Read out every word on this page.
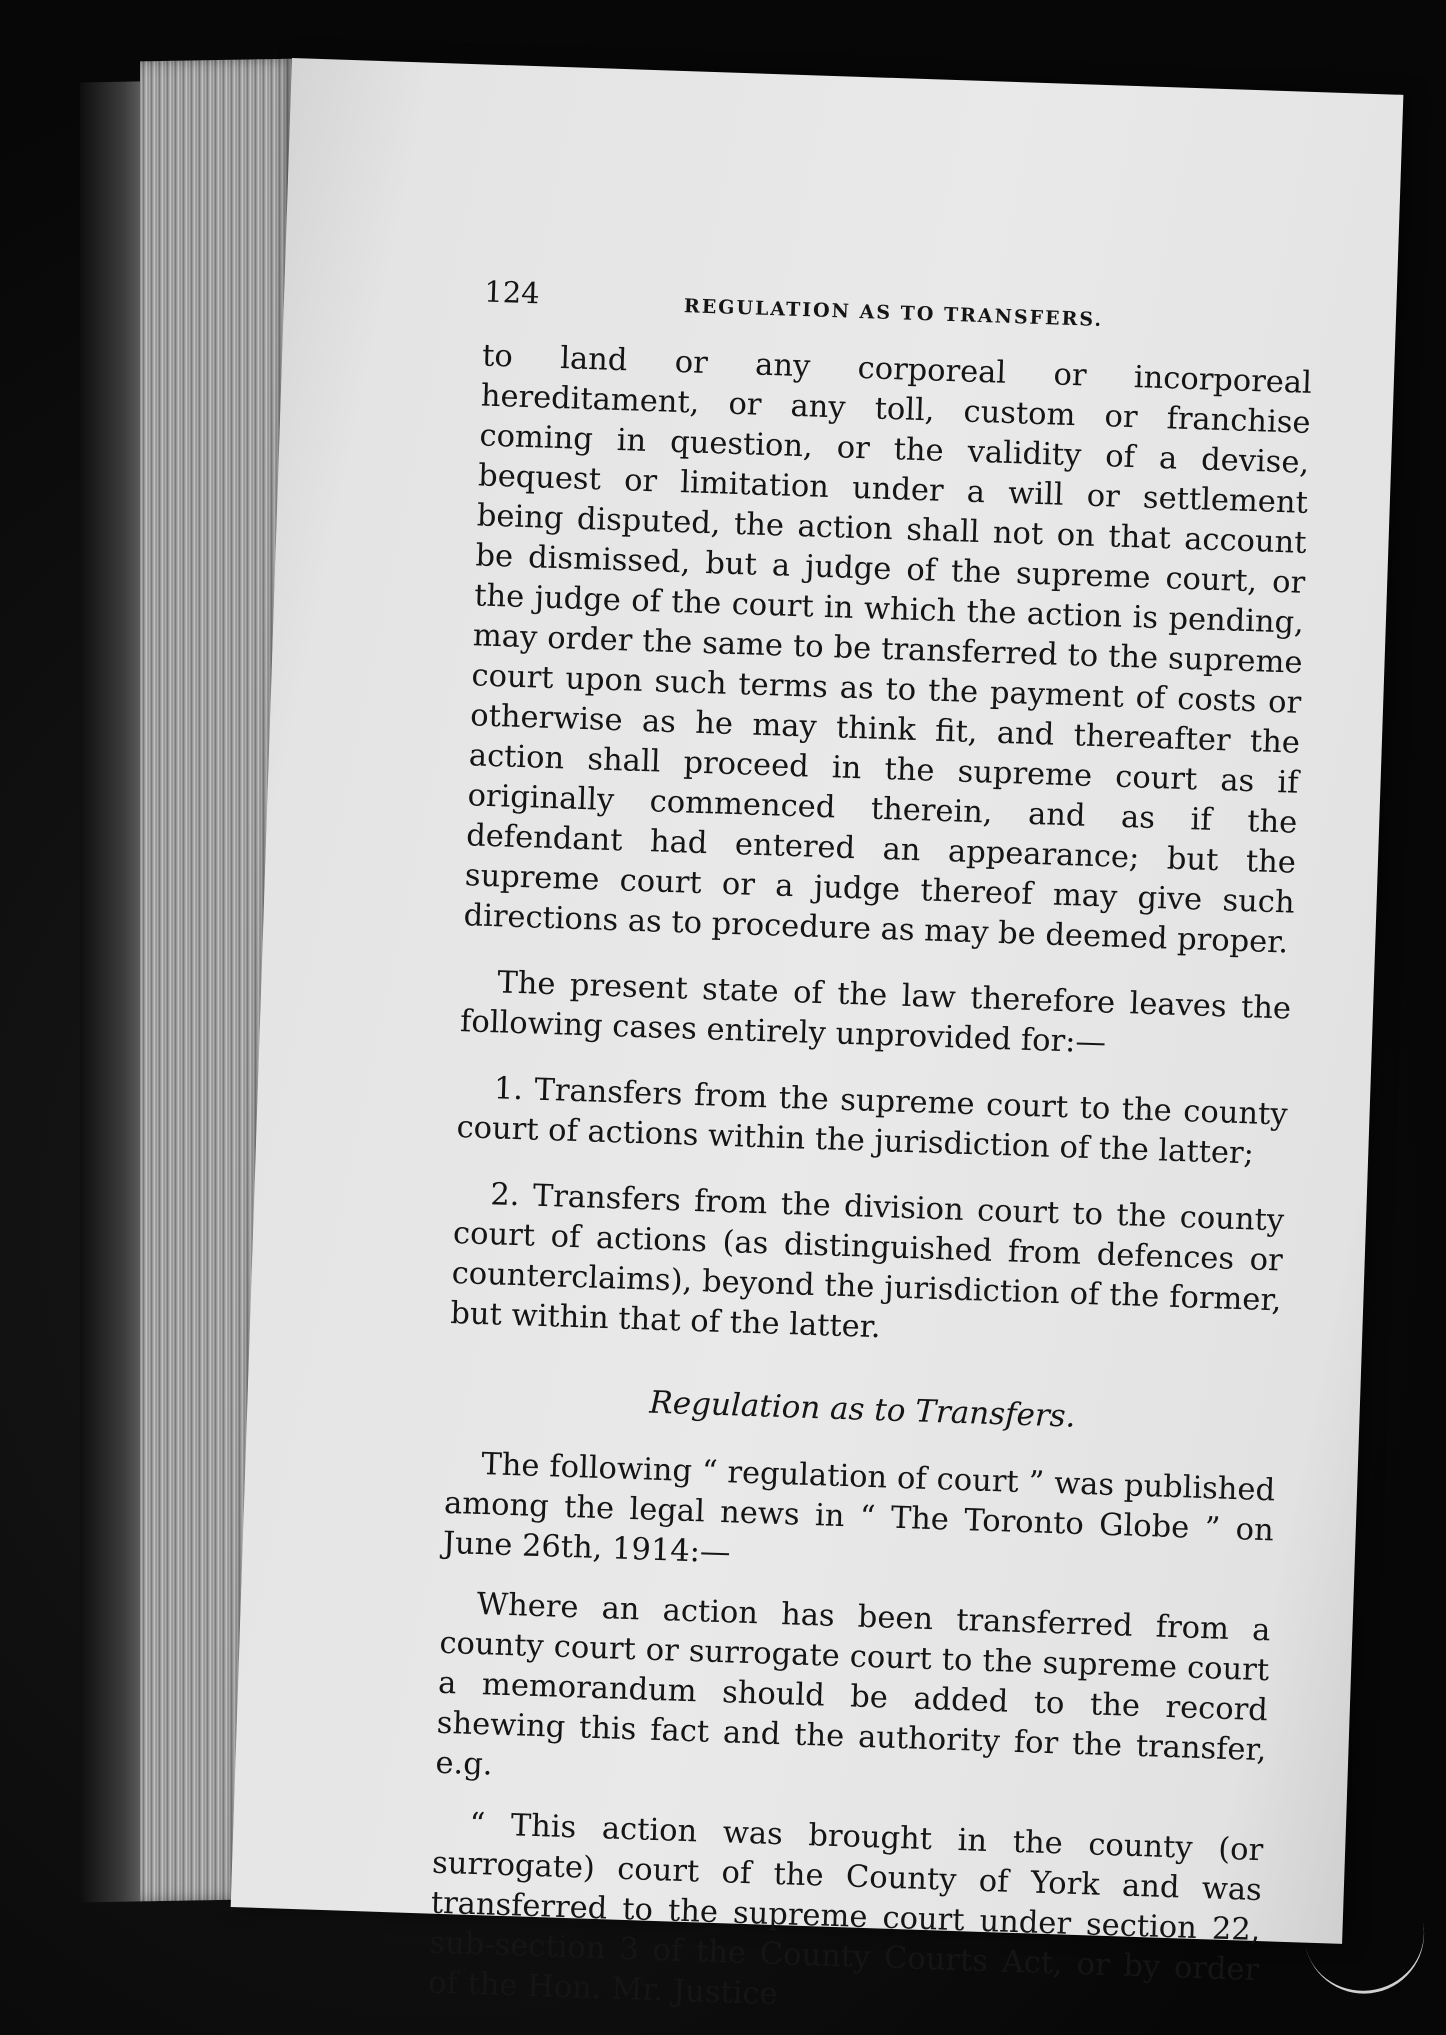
124
REGULATION AS TO TRANSFERS.

to land or any corporeal or incorporeal hereditament, or any toll, custom or franchise coming in question, or the validity of a devise, bequest or limitation under a will or settlement being disputed, the action shall not on that account be dismissed, but a judge of the supreme court, or the judge of the court in which the action is pending, may order the same to be transferred to the supreme court upon such terms as to the payment of costs or otherwise as he may think fit, and thereafter the action shall proceed in the supreme court as if originally commenced therein, and as if the defendant had entered an appearance; but the supreme court or a judge thereof may give such directions as to procedure as may be deemed proper.

The present state of the law therefore leaves the following cases entirely unprovided for:—

1. Transfers from the supreme court to the county court of actions within the jurisdiction of the latter;

2. Transfers from the division court to the county court of actions (as distinguished from defences or counterclaims), beyond the jurisdiction of the former, but within that of the latter.

Regulation as to Transfers.

The following “ regulation of court ” was published among the legal news in “ The Toronto Globe ” on June 26th, 1914:—

Where an action has been transferred from a county court or surrogate court to the supreme court a memorandum should be added to the record shewing this fact and the authority for the transfer, e.g.

“ This action was brought in the county (or surrogate) court of the County of York and was transferred to the supreme court under section 22, sub-section 3 of the County Courts Act, or by order of the Hon. Mr. Justice
